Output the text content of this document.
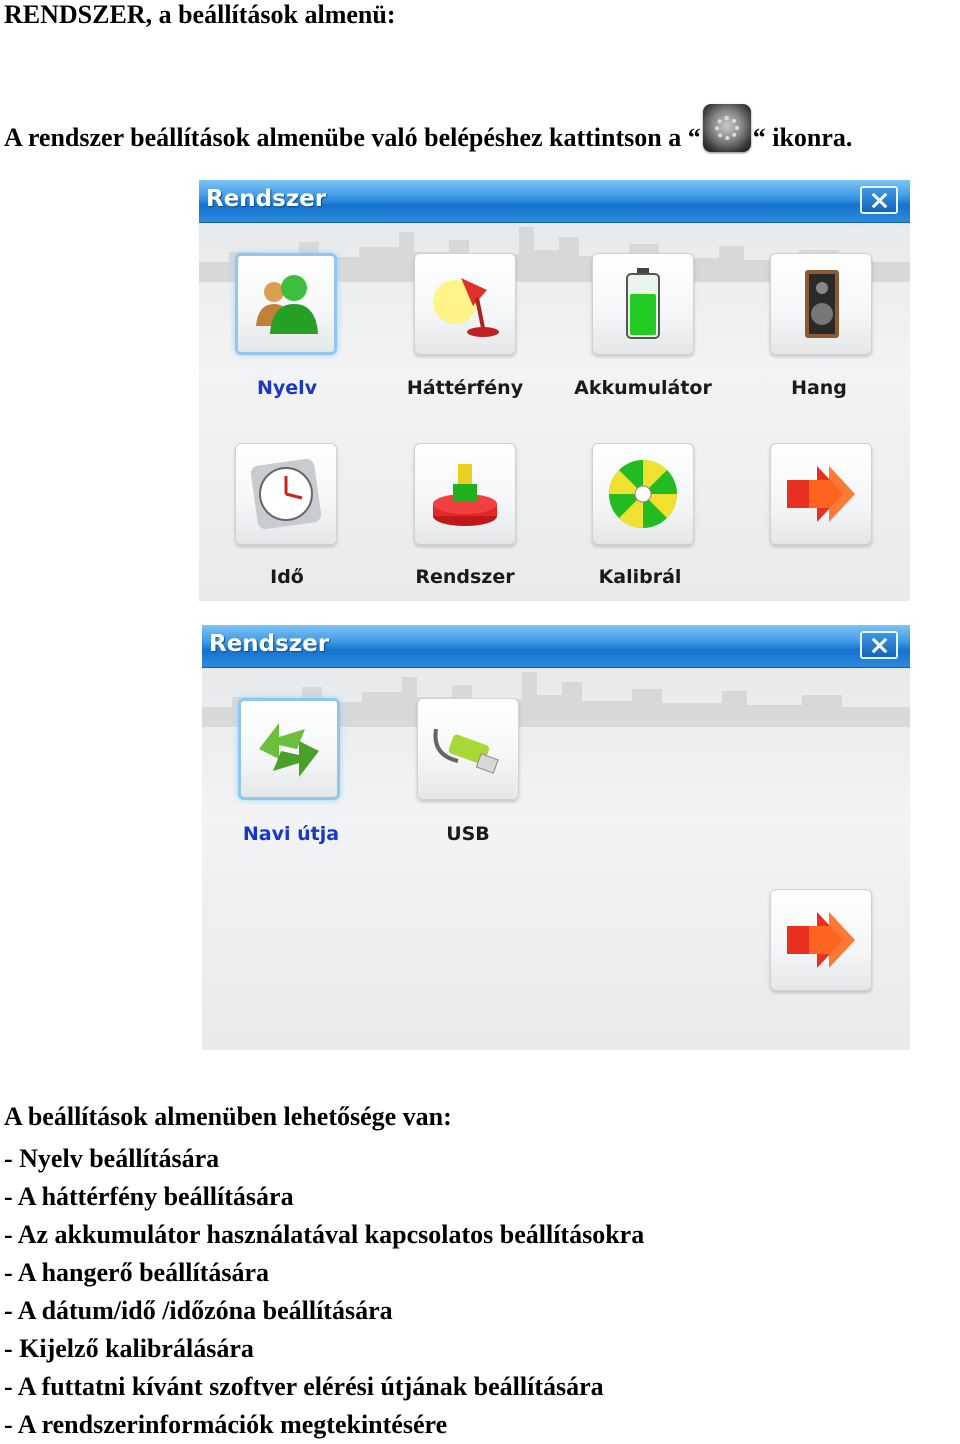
RENDSZER, a beállítások almenü:
A rendszer beállítások almenübe való belépéshez kattintson a “ “ ikonra.
Rendszer
Nyelv	Háttérfény	Akkumulátor	Hang
Idő	Rendszer	Kalibrál
Rendszer
Navi útja	USB
A beállítások almenüben lehetősége van:
- Nyelv beállítására
- A háttérfény beállítására
- Az akkumulátor használatával kapcsolatos beállításokra
- A hangerő beállítására
- A dátum/idő /időzóna beállítására
- Kijelző kalibrálására
- A futtatni kívánt szoftver elérési útjának beállítására
- A rendszerinformációk megtekintésére
